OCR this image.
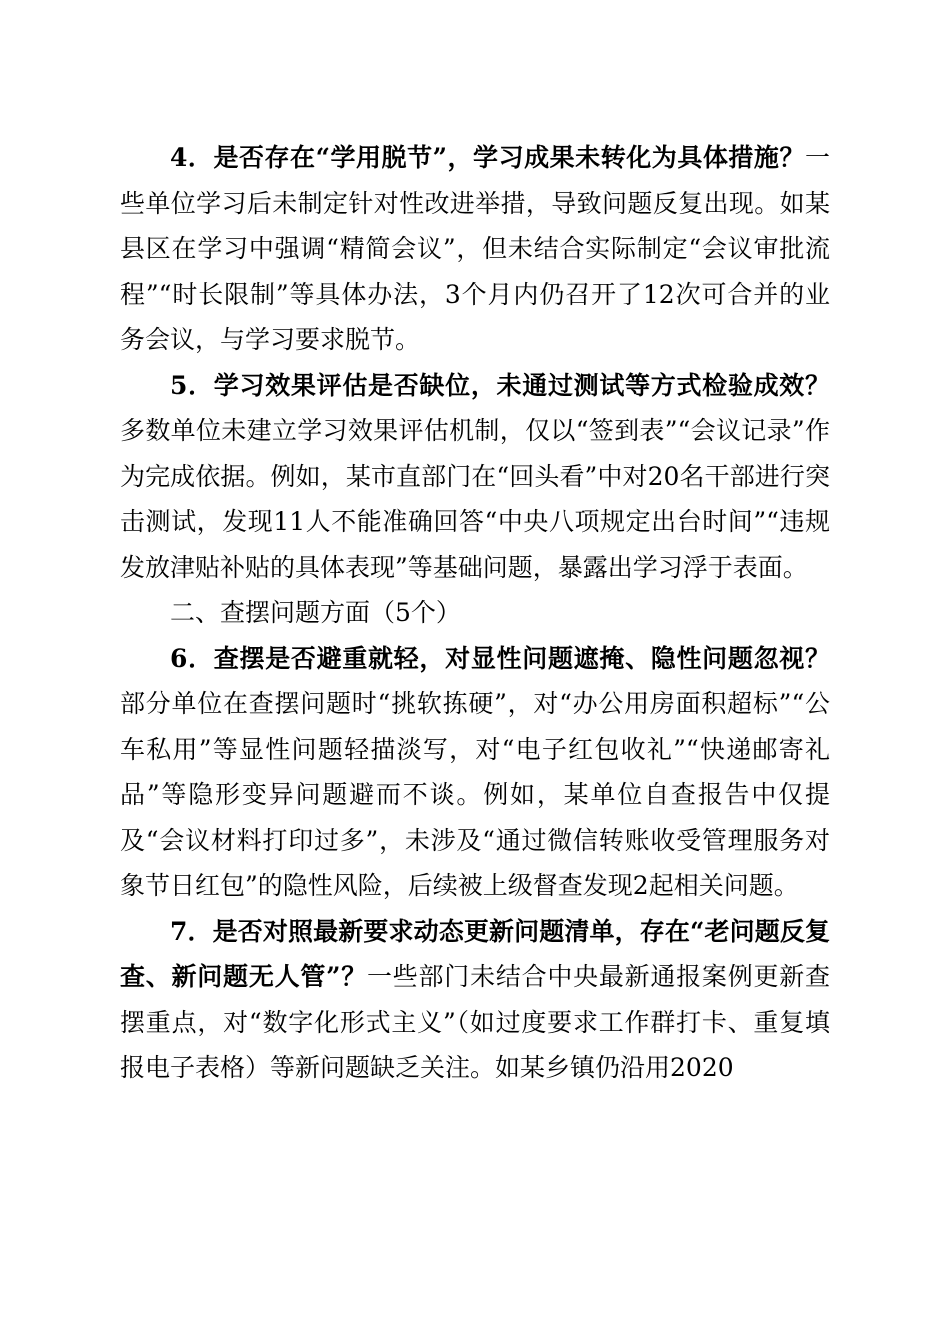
4．是否存在“学用脱节”，学习成果未转化为具体措施？一些单位学习后未制定针对性改进举措，导致问题反复出现。如某县区在学习中强调“精简会议”，但未结合实际制定“会议审批流程”“时长限制”等具体办法，3个月内仍召开了12次可合并的业务会议，与学习要求脱节。

5．学习效果评估是否缺位，未通过测试等方式检验成效？多数单位未建立学习效果评估机制，仅以“签到表”“会议记录”作为完成依据。例如，某市直部门在“回头看”中对20名干部进行突击测试，发现11人不能准确回答“中央八项规定出台时间”“违规发放津贴补贴的具体表现”等基础问题，暴露出学习浮于表面。

二、查摆问题方面（5个）

6．查摆是否避重就轻，对显性问题遮掩、隐性问题忽视？部分单位在查摆问题时“挑软拣硬”，对“办公用房面积超标”“公车私用”等显性问题轻描淡写，对“电子红包收礼”“快递邮寄礼品”等隐形变异问题避而不谈。例如，某单位自查报告中仅提及“会议材料打印过多”，未涉及“通过微信转账收受管理服务对象节日红包”的隐性风险，后续被上级督查发现2起相关问题。

7．是否对照最新要求动态更新问题清单，存在“老问题反复查、新问题无人管”？一些部门未结合中央最新通报案例更新查摆重点，对“数字化形式主义”（如过度要求工作群打卡、重复填报电子表格）等新问题缺乏关注。如某乡镇仍沿用2020
